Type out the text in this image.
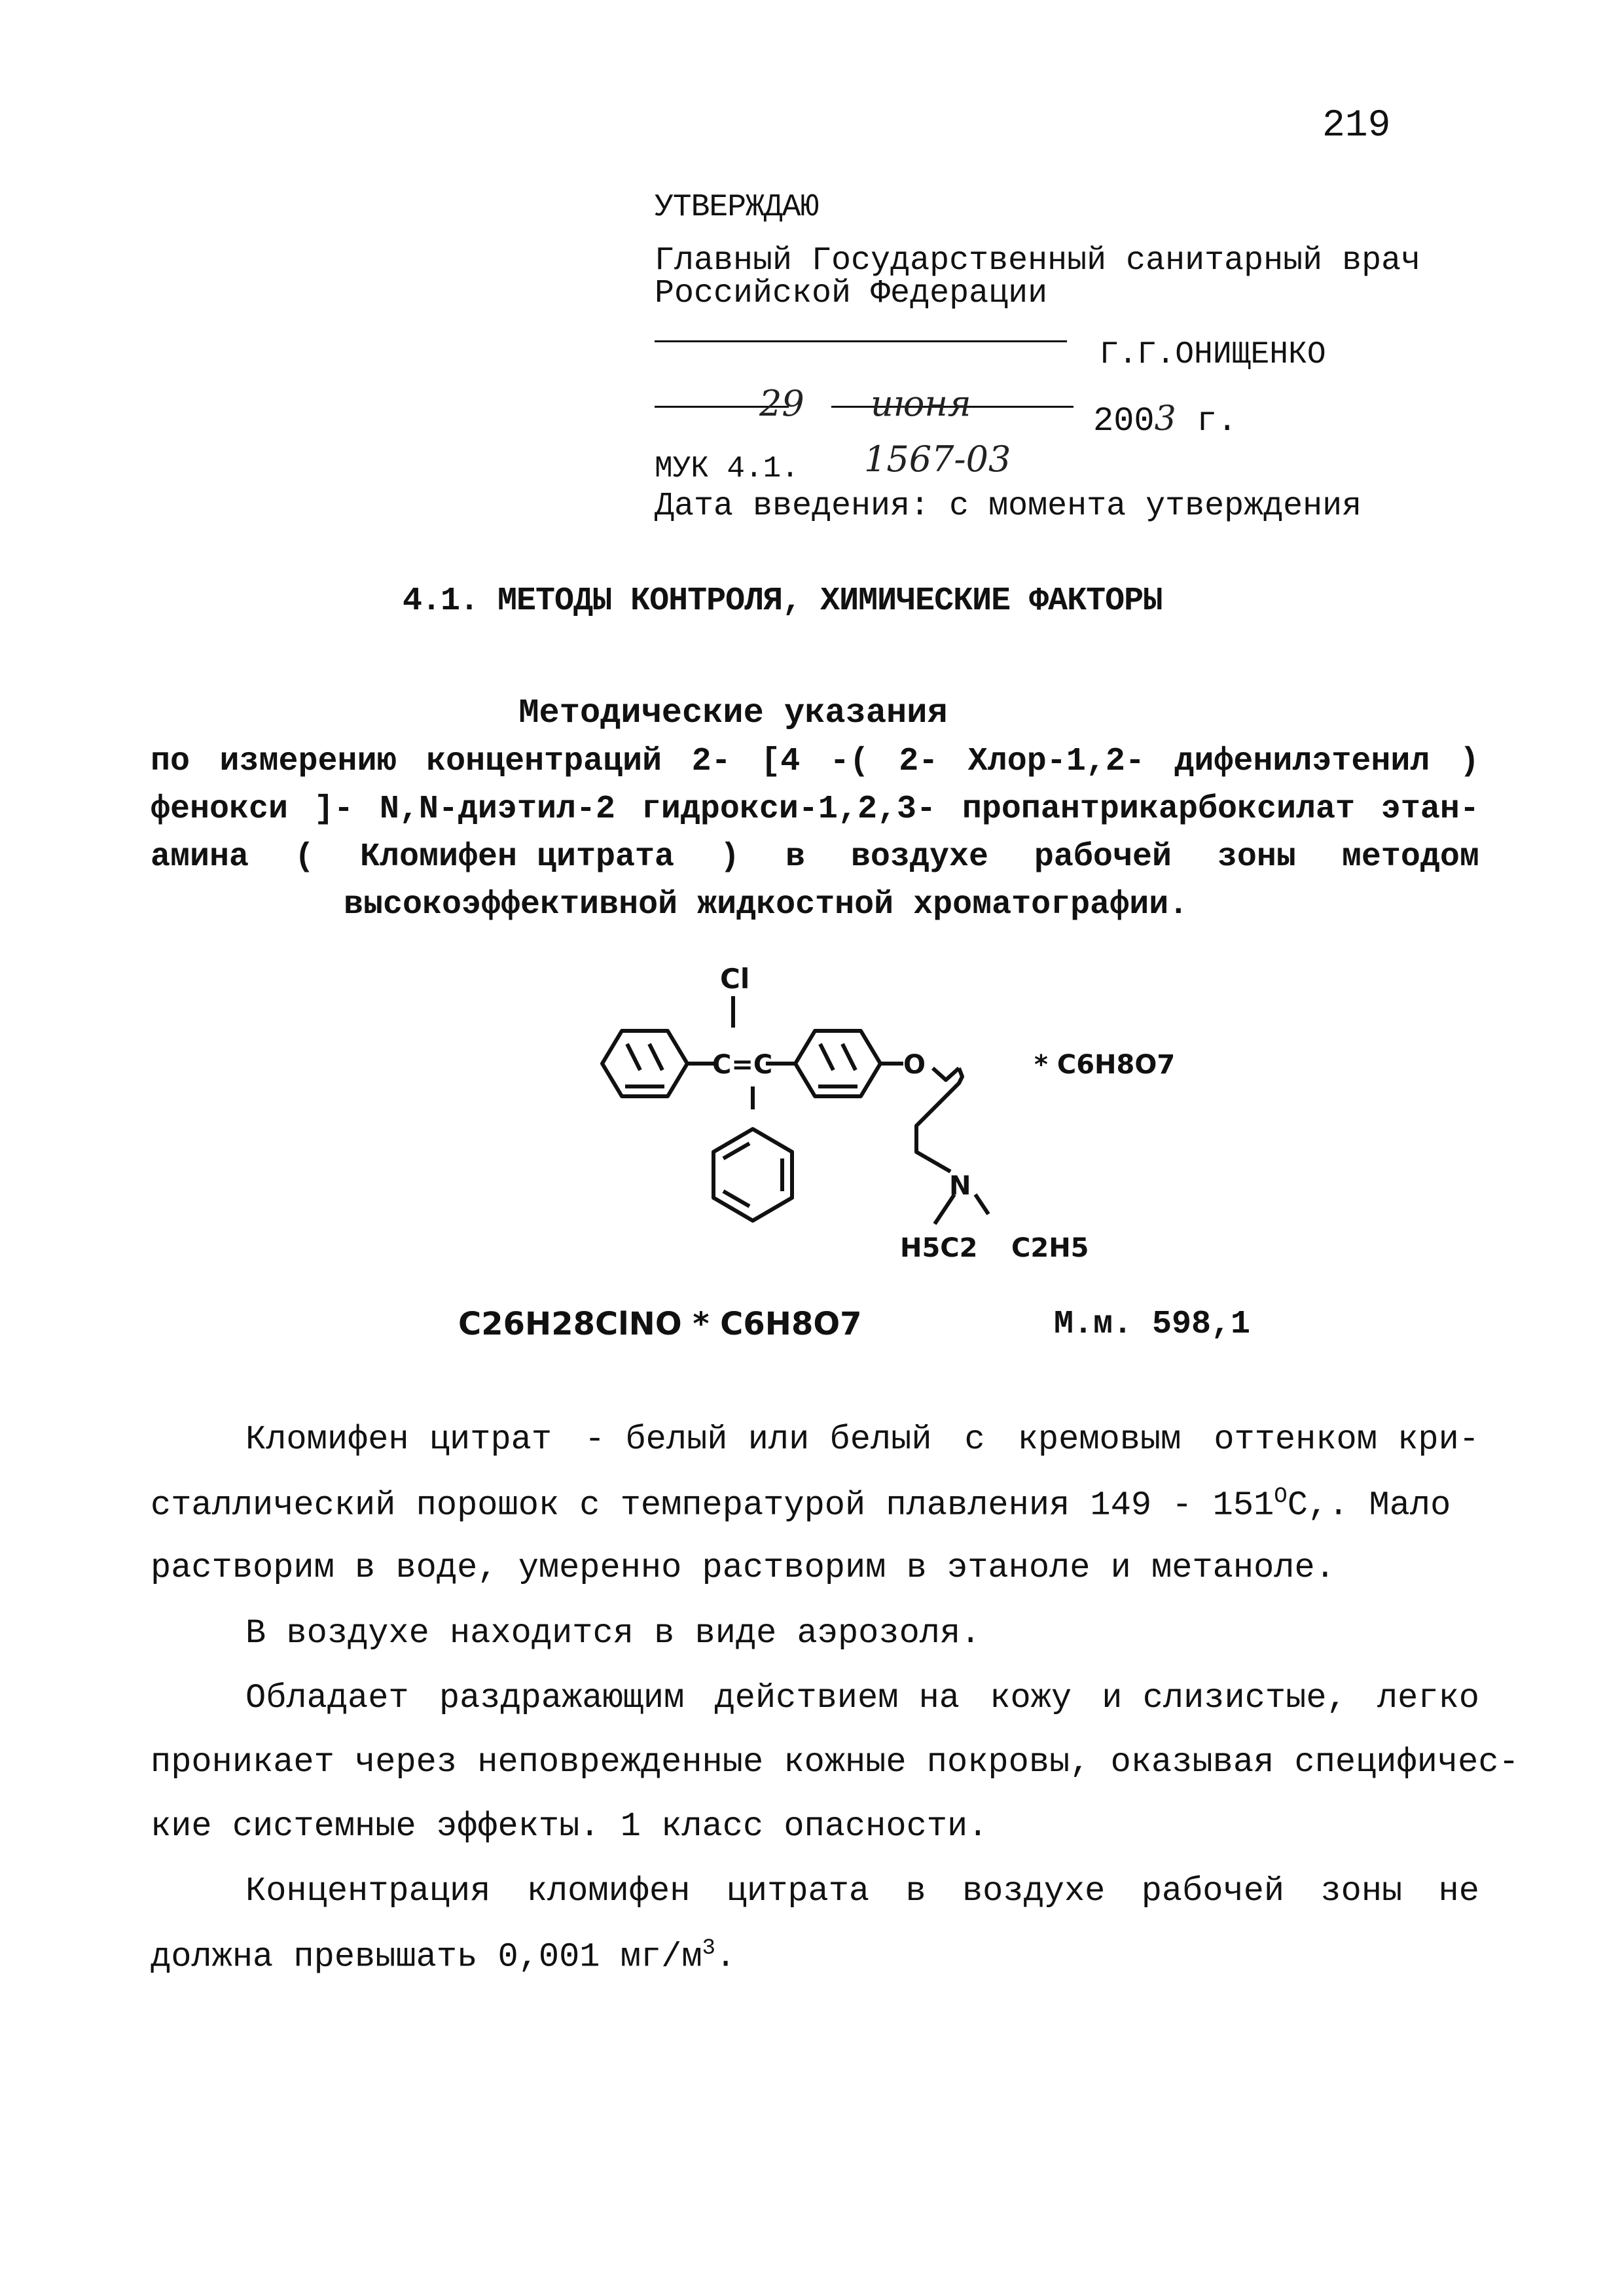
219
УТВЕРЖДАЮ
Главный Государственный санитарный врач
Российской Федерации
Г.Г.ОНИЩЕНКО
29 июня	2003 г.
МУК 4.1. 1567-03
Дата введения: с момента утверждения
4.1. МЕТОДЫ КОНТРОЛЯ, ХИМИЧЕСКИЕ ФАКТОРЫ
Методические указания
по измерению концентраций 2- [4 -( 2- Хлор-1,2- дифенилэтенил )
фенокси ]- N,N-диэтил-2 гидрокси-1,2,3- пропантрикарбоксилат этан-
амина ( Кломифен цитрата ) в воздухе рабочей зоны методом
высокоэффективной жидкостной хроматографии.
Cl
C=C	O
N
H5C2 C2H5
* C6H8O7
C26H28ClNO * C6H8O7	М.м. 598,1
Кломифен цитрат - белый или белый с кремовым оттенком кри-
сталлический порошок с температурой плавления $149 - 151^ОС$,. Мало
растворим в воде, умеренно растворим в этаноле и метаноле.
В воздухе находится в виде аэрозоля.
Обладает раздражающим действием на кожу и слизистые, легко
проникает через неповрежденные кожные покровы, оказывая специфичес-
кие системные эффекты. 1 класс опасности.
Концентрация кломифен цитрата в воздухе рабочей зоны не
должна превышать 0,001 $мг/м^3$.
